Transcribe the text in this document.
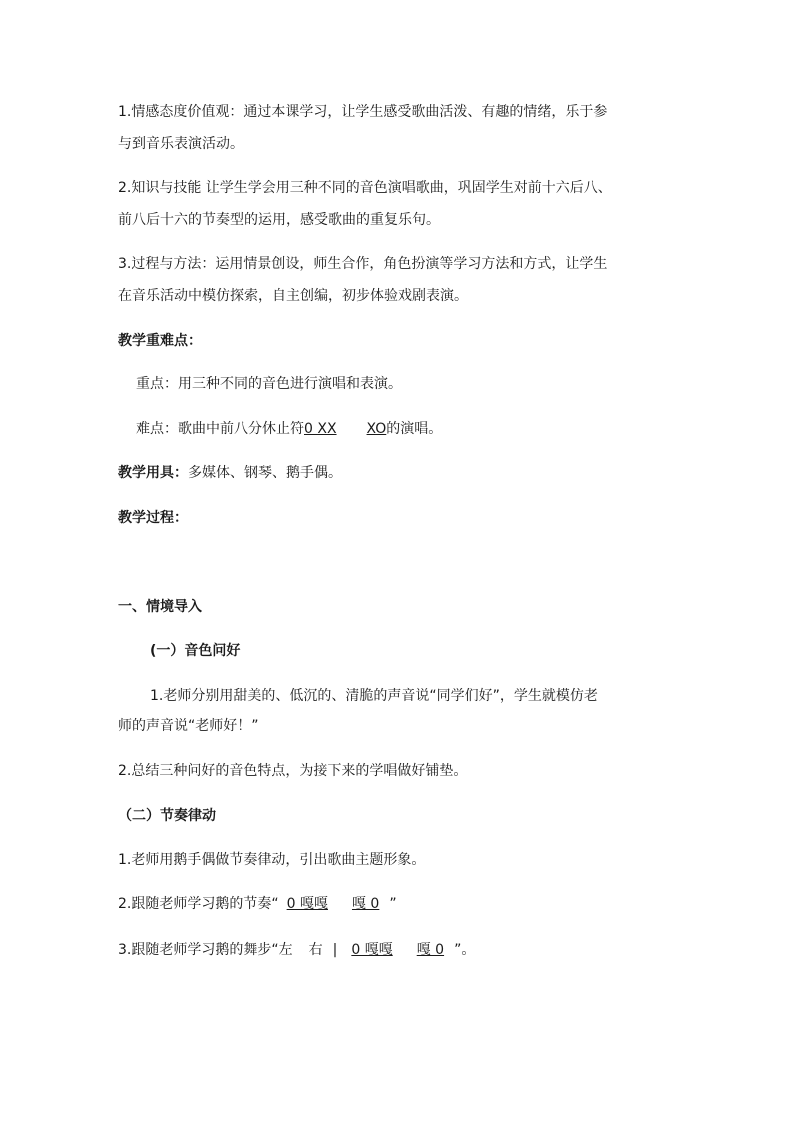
1.情感态度价值观：通过本课学习，让学生感受歌曲活泼、有趣的情绪，乐于参
与到音乐表演活动。
2.知识与技能 让学生学会用三种不同的音色演唱歌曲，巩固学生对前十六后八、
前八后十六的节奏型的运用，感受歌曲的重复乐句。
3.过程与方法：运用情景创设，师生合作，角色扮演等学习方法和方式，让学生
在音乐活动中模仿探索，自主创编，初步体验戏剧表演。
教学重难点：
重点：用三种不同的音色进行演唱和表演。
难点：歌曲中前八分休止符0 XX XO的演唱。
教学用具：多媒体、钢琴、鹅手偶。
教学过程：
一、情境导入
(一）音色问好
1.老师分别用甜美的、低沉的、清脆的声音说“同学们好”，学生就模仿老
师的声音说“老师好！”
2.总结三种问好的音色特点，为接下来的学唱做好铺垫。
（二）节奏律动
1.老师用鹅手偶做节奏律动，引出歌曲主题形象。
2.跟随老师学习鹅的节奏“ 0 嘎嘎 嘎 0 ”
3.跟随老师学习鹅的舞步“左 右 | 0 嘎嘎 嘎 0 ”。
